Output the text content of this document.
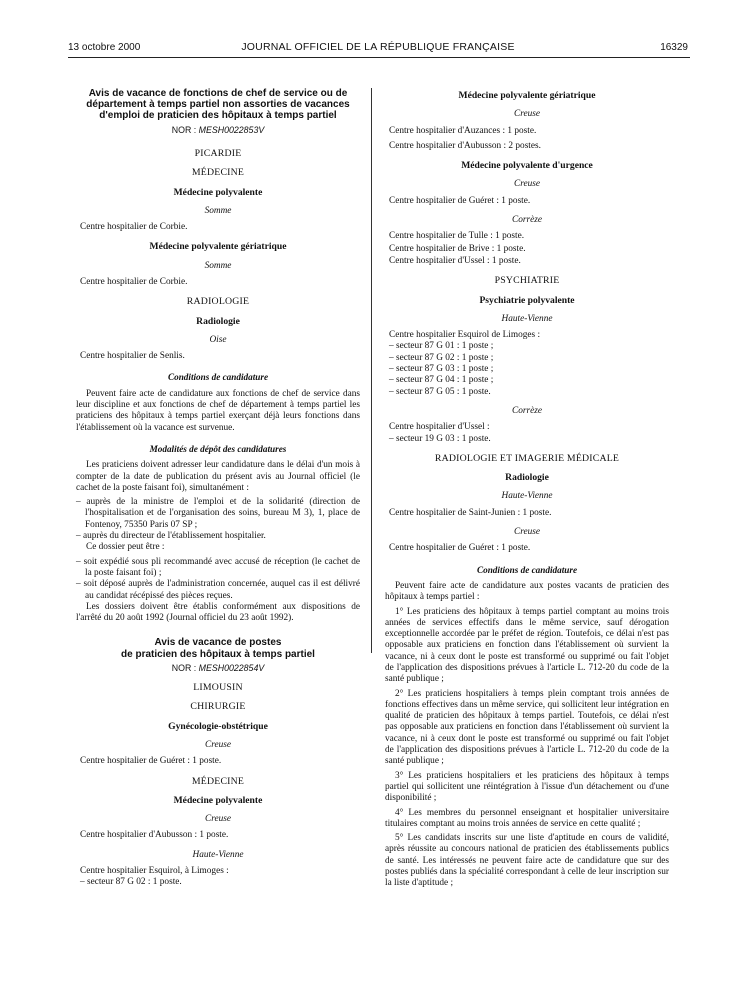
13 octobre 2000	JOURNAL OFFICIEL DE LA RÉPUBLIQUE FRANÇAISE	16329
Avis de vacance de fonctions de chef de service ou de département à temps partiel non assorties de vacances d'emploi de praticien des hôpitaux à temps partiel
NOR : MESH0022853V
PICARDIE
MÉDECINE
Médecine polyvalente
Somme
Centre hospitalier de Corbie.
Médecine polyvalente gériatrique
Somme
Centre hospitalier de Corbie.
RADIOLOGIE
Radiologie
Oise
Centre hospitalier de Senlis.
Conditions de candidature
Peuvent faire acte de candidature aux fonctions de chef de service dans leur discipline et aux fonctions de chef de département à temps partiel les praticiens des hôpitaux à temps partiel exerçant déjà leurs fonctions dans l'établissement où la vacance est survenue.
Modalités de dépôt des candidatures
Les praticiens doivent adresser leur candidature dans le délai d'un mois à compter de la date de publication du présent avis au Journal officiel (le cachet de la poste faisant foi), simultanément :
– auprès de la ministre de l'emploi et de la solidarité (direction de l'hospitalisation et de l'organisation des soins, bureau M 3), 1, place de Fontenoy, 75350 Paris 07 SP ;
– auprès du directeur de l'établissement hospitalier.
Ce dossier peut être :
– soit expédié sous pli recommandé avec accusé de réception (le cachet de la poste faisant foi) ;
– soit déposé auprès de l'administration concernée, auquel cas il est délivré au candidat récépissé des pièces reçues.
Les dossiers doivent être établis conformément aux dispositions de l'arrêté du 20 août 1992 (Journal officiel du 23 août 1992).
Avis de vacance de postes
de praticien des hôpitaux à temps partiel
NOR : MESH0022854V
LIMOUSIN
CHIRURGIE
Gynécologie-obstétrique
Creuse
Centre hospitalier de Guéret : 1 poste.
MÉDECINE
Médecine polyvalente
Creuse
Centre hospitalier d'Aubusson : 1 poste.
Haute-Vienne
Centre hospitalier Esquirol, à Limoges :
– secteur 87 G 02 : 1 poste.
Médecine polyvalente gériatrique
Creuse
Centre hospitalier d'Auzances : 1 poste.
Centre hospitalier d'Aubusson : 2 postes.
Médecine polyvalente d'urgence
Creuse
Centre hospitalier de Guéret : 1 poste.
Corrèze
Centre hospitalier de Tulle : 1 poste.
Centre hospitalier de Brive : 1 poste.
Centre hospitalier d'Ussel : 1 poste.
PSYCHIATRIE
Psychiatrie polyvalente
Haute-Vienne
Centre hospitalier Esquirol de Limoges :
– secteur 87 G 01 : 1 poste ;
– secteur 87 G 02 : 1 poste ;
– secteur 87 G 03 : 1 poste ;
– secteur 87 G 04 : 1 poste ;
– secteur 87 G 05 : 1 poste.
Corrèze
Centre hospitalier d'Ussel :
– secteur 19 G 03 : 1 poste.
RADIOLOGIE ET IMAGERIE MÉDICALE
Radiologie
Haute-Vienne
Centre hospitalier de Saint-Junien : 1 poste.
Creuse
Centre hospitalier de Guéret : 1 poste.
Conditions de candidature
Peuvent faire acte de candidature aux postes vacants de praticien des hôpitaux à temps partiel :
1° Les praticiens des hôpitaux à temps partiel comptant au moins trois années de services effectifs dans le même service, sauf dérogation exceptionnelle accordée par le préfet de région. Toutefois, ce délai n'est pas opposable aux praticiens en fonction dans l'établissement où survient la vacance, ni à ceux dont le poste est transformé ou supprimé ou fait l'objet de l'application des dispositions prévues à l'article L. 712-20 du code de la santé publique ;
2° Les praticiens hospitaliers à temps plein comptant trois années de fonctions effectives dans un même service, qui sollicitent leur intégration en qualité de praticien des hôpitaux à temps partiel. Toutefois, ce délai n'est pas opposable aux praticiens en fonction dans l'établissement où survient la vacance, ni à ceux dont le poste est transformé ou supprimé ou fait l'objet de l'application des dispositions prévues à l'article L. 712-20 du code de la santé publique ;
3° Les praticiens hospitaliers et les praticiens des hôpitaux à temps partiel qui sollicitent une réintégration à l'issue d'un détachement ou d'une disponibilité ;
4° Les membres du personnel enseignant et hospitalier universitaire titulaires comptant au moins trois années de service en cette qualité ;
5° Les candidats inscrits sur une liste d'aptitude en cours de validité, après réussite au concours national de praticien des établissements publics de santé. Les intéressés ne peuvent faire acte de candidature que sur des postes publiés dans la spécialité correspondant à celle de leur inscription sur la liste d'aptitude ;
